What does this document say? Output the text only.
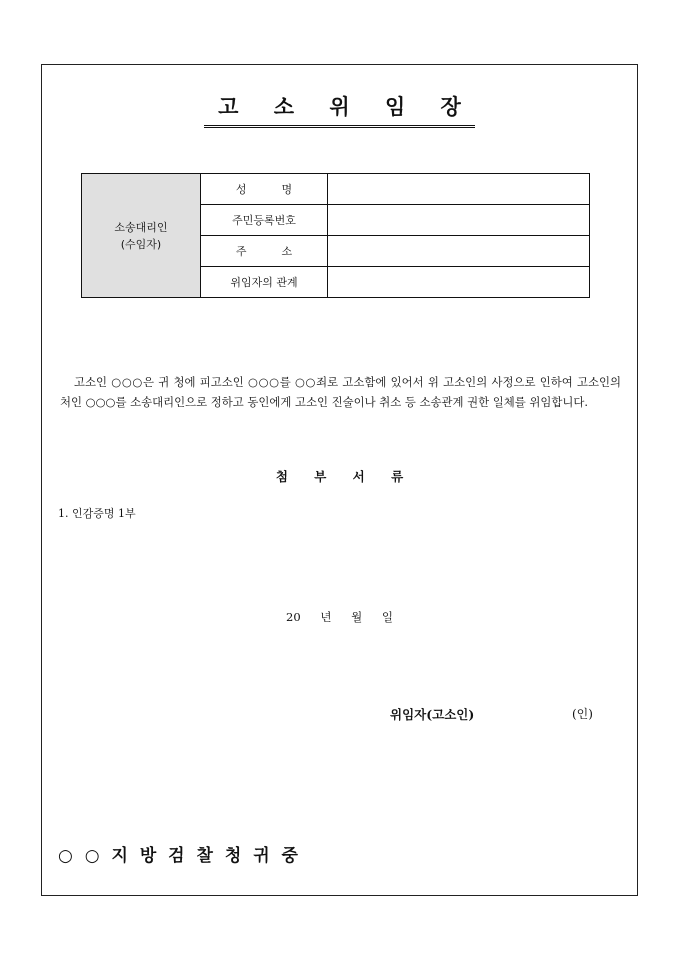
고 소 위 임 장
소송대리인
(수임자)	성          명	
	주민등록번호	
	주          소	
	위임자의 관계	

고소인 ○○○은 귀 청에 피고소인 ○○○를 ○○죄로 고소함에 있어서 위 고소인의 사정으로 인하여 고소인의 처인 ○○○를 소송대리인으로 정하고 동인에게 고소인 진술이나 취소 등 소송관계 권한 일체를 위임합니다.

첨 부 서 류
1. 인감증명 1부
20 년 월 일
위임자(고소인)	(인)
○ ○ 지 방 검 찰 청 귀 중
